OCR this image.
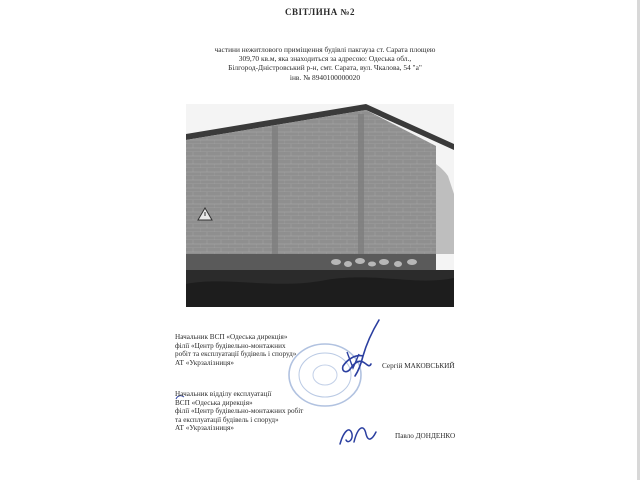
СВІТЛИНА №2
частини нежитлового приміщення будівлі пакгауза ст. Сарата площею
309,70 кв.м, яка знаходиться за адресою: Одеська обл.,
Білгород-Дністровський р-н, смт. Сарата, вул. Чкалова, 54 "а"
інв. № 8940100000020
Начальник ВСП «Одеська дирекція»
філії «Центр будівельно-монтажних
робіт та експлуатації будівель і споруд»
АТ «Укрзалізниця»	Сергій МАКОВСЬКИЙ
Начальник відділу експлуатації
ВСП «Одеська дирекція»
філії «Центр будівельно-монтажних робіт
та експлуатації будівель і споруд»
АТ «Укрзалізниця»
Павло ДОНДЕНКО
